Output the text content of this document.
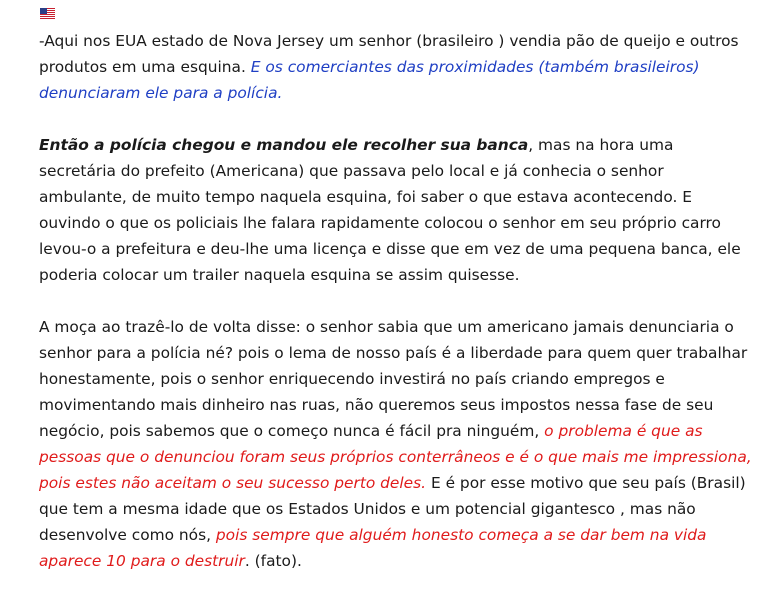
-Aqui nos EUA estado de Nova Jersey um senhor (brasileiro ) vendia pão de queijo e outros produtos em uma esquina. E os comerciantes das proximidades (também brasileiros) denunciaram ele para a polícia.

Então a polícia chegou e mandou ele recolher sua banca, mas na hora uma secretária do prefeito (Americana) que passava pelo local e já conhecia o senhor ambulante, de muito tempo naquela esquina, foi saber o que estava acontecendo. E ouvindo o que os policiais lhe falara rapidamente colocou o senhor em seu próprio carro levou-o a prefeitura e deu-lhe uma licença e disse que em vez de uma pequena banca, ele poderia colocar um trailer naquela esquina se assim quisesse.

A moça ao trazê-lo de volta disse: o senhor sabia que um americano jamais denunciaria o senhor para a polícia né? pois o lema de nosso país é a liberdade para quem quer trabalhar honestamente, pois o senhor enriquecendo investirá no país criando empregos e movimentando mais dinheiro nas ruas, não queremos seus impostos nessa fase de seu negócio, pois sabemos que o começo nunca é fácil pra ninguém, o problema é que as pessoas que o denunciou foram seus próprios conterrâneos e é o que mais me impressiona, pois estes não aceitam o seu sucesso perto deles. E é por esse motivo que seu país (Brasil) que tem a mesma idade que os Estados Unidos e um potencial gigantesco , mas não desenvolve como nós, pois sempre que alguém honesto começa a se dar bem na vida aparece 10 para o destruir. (fato).
